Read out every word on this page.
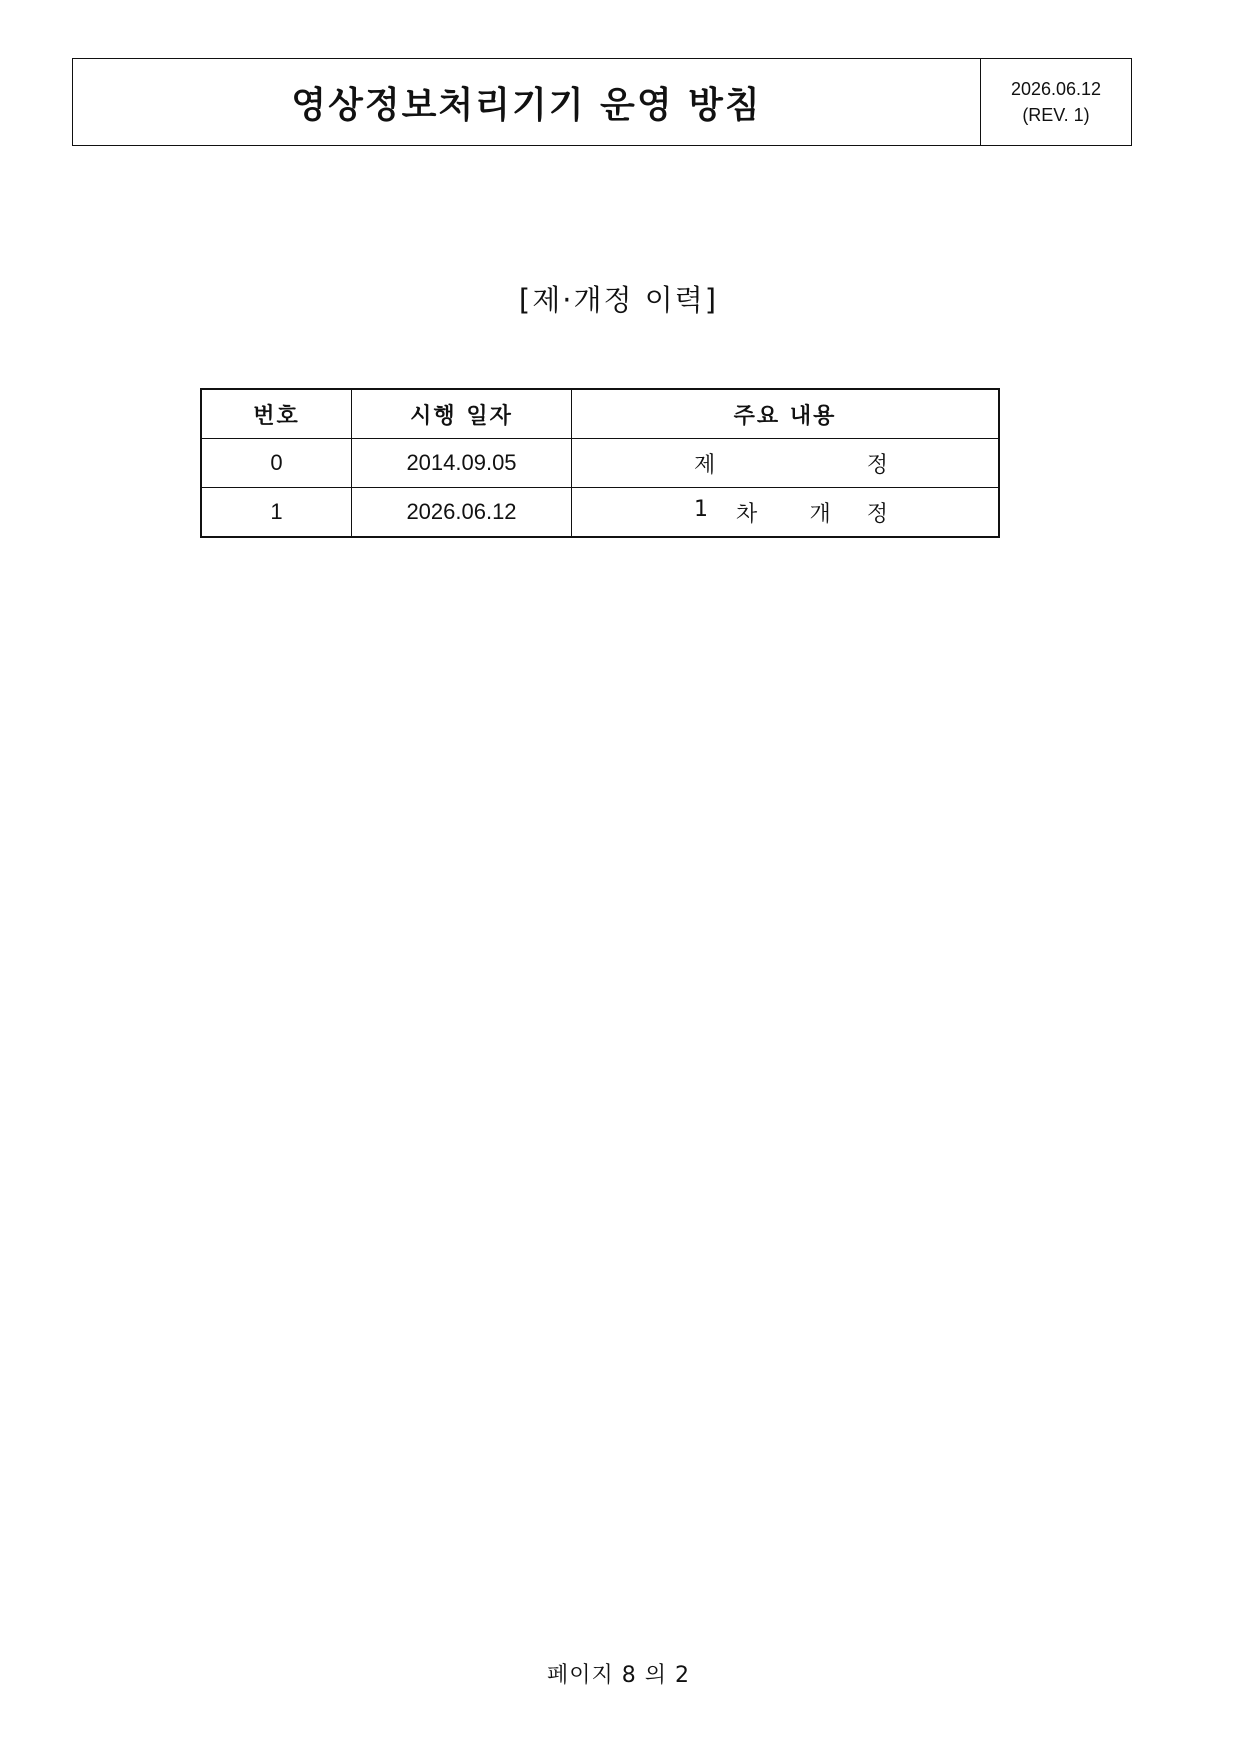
영상정보처리기기 운영 방침	2026.06.12
(REV. 1)
[제·개정 이력]
번호	시행 일자	주요 내용
0	2014.09.05	제 정

1	2026.06.12	1 차 개 정
페이지 8 의 2
